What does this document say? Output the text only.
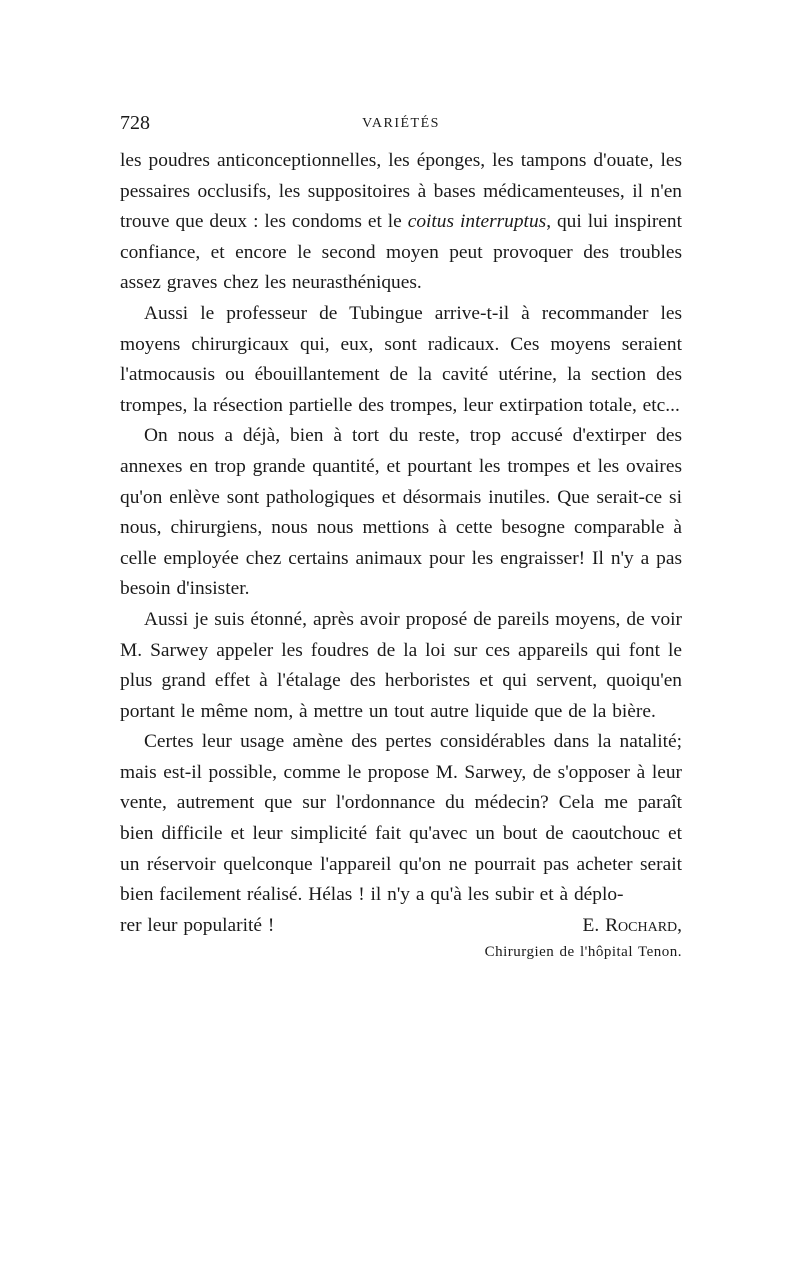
728	VARIÉTÉS

les poudres anticonceptionnelles, les éponges, les tampons d'ouate, les pessaires occlusifs, les suppositoires à bases médicamenteuses, il n'en trouve que deux : les condoms et le coitus interruptus, qui lui inspirent confiance, et encore le second moyen peut provoquer des troubles assez graves chez les neurasthéniques.

Aussi le professeur de Tubingue arrive-t-il à recommander les moyens chirurgicaux qui, eux, sont radicaux. Ces moyens seraient l'atmocausis ou ébouillantement de la cavité utérine, la section des trompes, la résection partielle des trompes, leur extirpation totale, etc...

On nous a déjà, bien à tort du reste, trop accusé d'extirper des annexes en trop grande quantité, et pourtant les trompes et les ovaires qu'on enlève sont pathologiques et désormais inutiles. Que serait-ce si nous, chirurgiens, nous nous mettions à cette besogne comparable à celle employée chez certains animaux pour les engraisser! Il n'y a pas besoin d'insister.

Aussi je suis étonné, après avoir proposé de pareils moyens, de voir M. Sarwey appeler les foudres de la loi sur ces appareils qui font le plus grand effet à l'étalage des herboristes et qui servent, quoiqu'en portant le même nom, à mettre un tout autre liquide que de la bière.

Certes leur usage amène des pertes considérables dans la natalité; mais est-il possible, comme le propose M. Sarwey, de s'opposer à leur vente, autrement que sur l'ordonnance du médecin? Cela me paraît bien difficile et leur simplicité fait qu'avec un bout de caoutchouc et un réservoir quelconque l'appareil qu'on ne pourrait pas acheter serait bien facilement réalisé. Hélas ! il n'y a qu'à les subir et à déplo-

rer leur popularité !	E. Rochard,
Chirurgien de l'hôpital Tenon.
